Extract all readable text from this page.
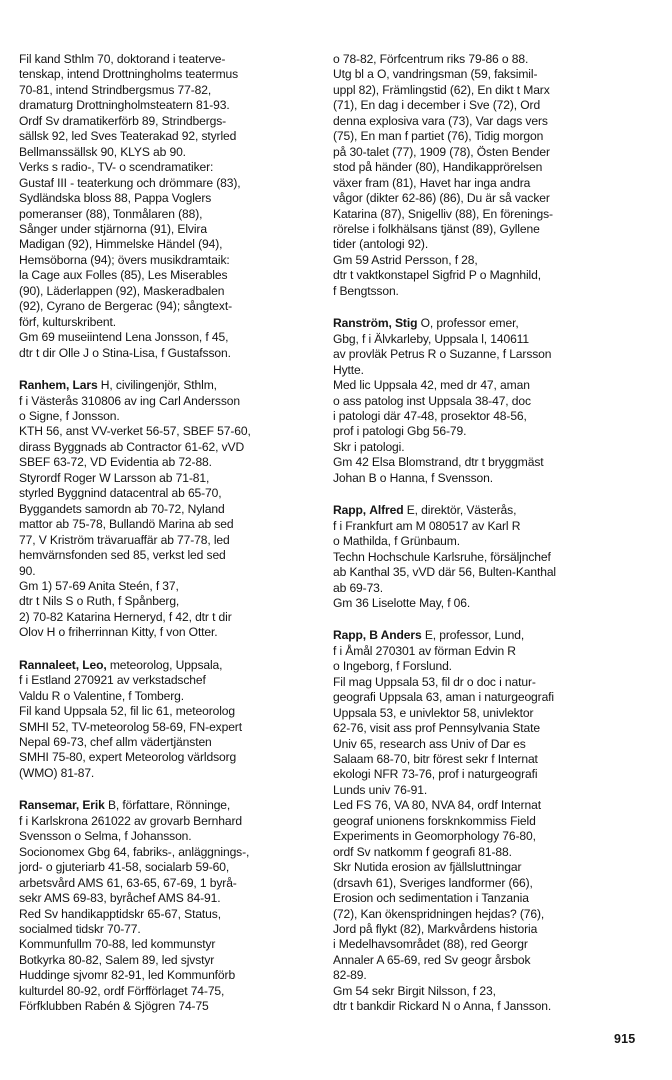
Fil kand Sthlm 70, doktorand i teaterve-
tenskap, intend Drottningholms teatermus
70-81, intend Strindbergsmus 77-82,
dramaturg Drottningholmsteatern 81-93.
Ordf Sv dramatikerförb 89, Strindbergs-
sällsk 92, led Sves Teaterakad 92, styrled
Bellmanssällsk 90, KLYS ab 90.
Verks s radio-, TV- o scendramatiker:
Gustaf III - teaterkung och drömmare (83),
Sydländska bloss 88, Pappa Voglers
pomeranser (88), Tonmålaren (88),
Sånger under stjärnorna (91), Elvira
Madigan (92), Himmelske Händel (94),
Hemsöborna (94); övers musikdramtaik:
la Cage aux Folles (85), Les Miserables
(90), Läderlappen (92), Maskeradbalen
(92), Cyrano de Bergerac (94); sångtext-
förf, kulturskribent.
Gm 69 museiintend Lena Jonsson, f 45,
dtr t dir Olle J o Stina-Lisa, f Gustafsson.
Ranhem, Lars H, civilingenjör, Sthlm,
f i Västerås 310806 av ing Carl Andersson
o Signe, f Jonsson.
KTH 56, anst VV-verket 56-57, SBEF 57-60,
dirass Byggnads ab Contractor 61-62, vVD
SBEF 63-72, VD Evidentia ab 72-88.
Styrordf Roger W Larsson ab 71-81,
styrled Byggnind datacentral ab 65-70,
Byggandets samordn ab 70-72, Nyland
mattor ab 75-78, Bullandö Marina ab sed
77, V Kriström trävaruaffär ab 77-78, led
hemvärnsfonden sed 85, verkst led sed
90.
Gm 1) 57-69 Anita Steén, f 37,
dtr t Nils S o Ruth, f Spånberg,
2) 70-82 Katarina Herneryd, f 42, dtr t dir
Olov H o friherrinnan Kitty, f von Otter.
Rannaleet, Leo, meteorolog, Uppsala,
f i Estland 270921 av verkstadschef
Valdu R o Valentine, f Tomberg.
Fil kand Uppsala 52, fil lic 61, meteorolog
SMHI 52, TV-meteorolog 58-69, FN-expert
Nepal 69-73, chef allm vädertjänsten
SMHI 75-80, expert Meteorolog världsorg
(WMO) 81-87.
Ransemar, Erik B, författare, Rönninge,
f i Karlskrona 261022 av grovarb Bernhard
Svensson o Selma, f Johansson.
Socionomex Gbg 64, fabriks-, anläggnings-,
jord- o gjuteriarb 41-58, socialarb 59-60,
arbetsvård AMS 61, 63-65, 67-69, 1 byrå-
sekr AMS 69-83, byråchef AMS 84-91.
Red Sv handikapptidskr 65-67, Status,
socialmed tidskr 70-77.
Kommunfullm 70-88, led kommunstyr
Botkyrka 80-82, Salem 89, led sjvstyr
Huddinge sjvomr 82-91, led Kommunförb
kulturdel 80-92, ordf Förfförlaget 74-75,
Förfklubben Rabén & Sjögren 74-75
o 78-82, Förfcentrum riks 79-86 o 88.
Utg bl a O, vandringsman (59, faksimil-
uppl 82), Främlingstid (62), En dikt t Marx
(71), En dag i december i Sve (72), Ord
denna explosiva vara (73), Var dags vers
(75), En man f partiet (76), Tidig morgon
på 30-talet (77), 1909 (78), Östen Bender
stod på händer (80), Handikapprörelsen
växer fram (81), Havet har inga andra
vågor (dikter 62-86) (86), Du är så vacker
Katarina (87), Snigelliv (88), En förenings-
rörelse i folkhälsans tjänst (89), Gyllene
tider (antologi 92).
Gm 59 Astrid Persson, f 28,
dtr t vaktkonstapel Sigfrid P o Magnhild,
f Bengtsson.
Ranström, Stig O, professor emer,
Gbg, f i Älvkarleby, Uppsala l, 140611
av provläk Petrus R o Suzanne, f Larsson
Hytte.
Med lic Uppsala 42, med dr 47, aman
o ass patolog inst Uppsala 38-47, doc
i patologi där 47-48, prosektor 48-56,
prof i patologi Gbg 56-79.
Skr i patologi.
Gm 42 Elsa Blomstrand, dtr t bryggmäst
Johan B o Hanna, f Svensson.
Rapp, Alfred E, direktör, Västerås,
f i Frankfurt am M 080517 av Karl R
o Mathilda, f Grünbaum.
Techn Hochschule Karlsruhe, försäljnchef
ab Kanthal 35, vVD där 56, Bulten-Kanthal
ab 69-73.
Gm 36 Liselotte May, f 06.
Rapp, B Anders E, professor, Lund,
f i Åmål 270301 av förman Edvin R
o Ingeborg, f Forslund.
Fil mag Uppsala 53, fil dr o doc i natur-
geografi Uppsala 63, aman i naturgeografi
Uppsala 53, e univlektor 58, univlektor
62-76, visit ass prof Pennsylvania State
Univ 65, research ass Univ of Dar es
Salaam 68-70, bitr förest sekr f Internat
ekologi NFR 73-76, prof i naturgeografi
Lunds univ 76-91.
Led FS 76, VA 80, NVA 84, ordf Internat
geograf unionens forsknkommiss Field
Experiments in Geomorphology 76-80,
ordf Sv natkomm f geografi 81-88.
Skr Nutida erosion av fjällsluttningar
(drsavh 61), Sveriges landformer (66),
Erosion och sedimentation i Tanzania
(72), Kan ökenspridningen hejdas? (76),
Jord på flykt (82), Markvårdens historia
i Medelhavsområdet (88), red Georgr
Annaler A 65-69, red Sv geogr årsbok
82-89.
Gm 54 sekr Birgit Nilsson, f 23,
dtr t bankdir Rickard N o Anna, f Jansson.
915
